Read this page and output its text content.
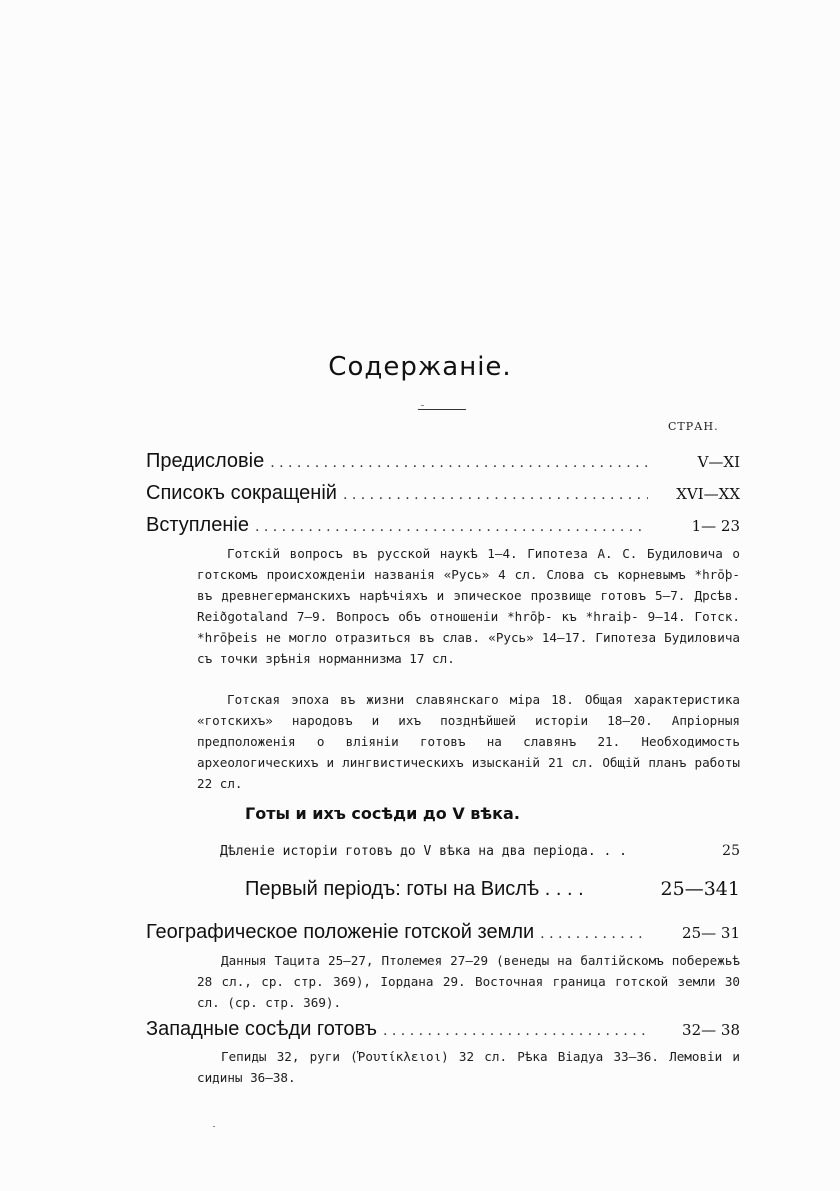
Содержаніе.
СТРАН.
Предисловіе . . .	V—XI
Списокъ сокращеній . . .	XVI—XX
Вступленіе . . .	1— 23
Готскій вопросъ въ русской наукѣ 1—4. Гипотеза А. С. Будиловича о готскомъ происхожденіи названія «Русь» 4 сл. Слова съ корневымъ *hrōþ- въ древнегерманскихъ нарѣчіяхъ и эпическое прозвище готовъ 5—7. Дрсѣв. Reiðgotaland 7—9. Вопросъ объ отношеніи *hrōþ- къ *hraiþ- 9—14. Готск. *hrōþeis не могло отразиться въ слав. «Русь» 14—17. Гипотеза Будиловича съ точки зрѣнія норманнизма 17 сл.
Готская эпоха въ жизни славянскаго міра 18. Общая характеристика «готскихъ» народовъ и ихъ позднѣйшей исторіи 18—20. Апріорныя предположенія о вліяніи готовъ на славянъ 21. Необходимость археологическихъ и лингвистическихъ изысканій 21 сл. Общій планъ работы 22 сл.
Готы и ихъ сосѣди до V вѣка.
Дѣленіе исторіи готовъ до V вѣка на два періода. . .	25
Первый періодъ: готы на Вислѣ . . . .	25—341
Географическое положеніе готской земли . . .	25— 31
Данныя Тацита 25—27, Птолемея 27—29 (венеды на балтійскомъ побережьѣ 28 сл., ср. стр. 369), Іордана 29. Восточная граница готской земли 30 сл. (ср. стр. 369).
Западные сосѣди готовъ . . .	32— 38
Гепиды 32, руги (Ῥουτίκλειοι) 32 сл. Рѣка Віадуа 33—36. Лемовіи и сидины 36—38.
